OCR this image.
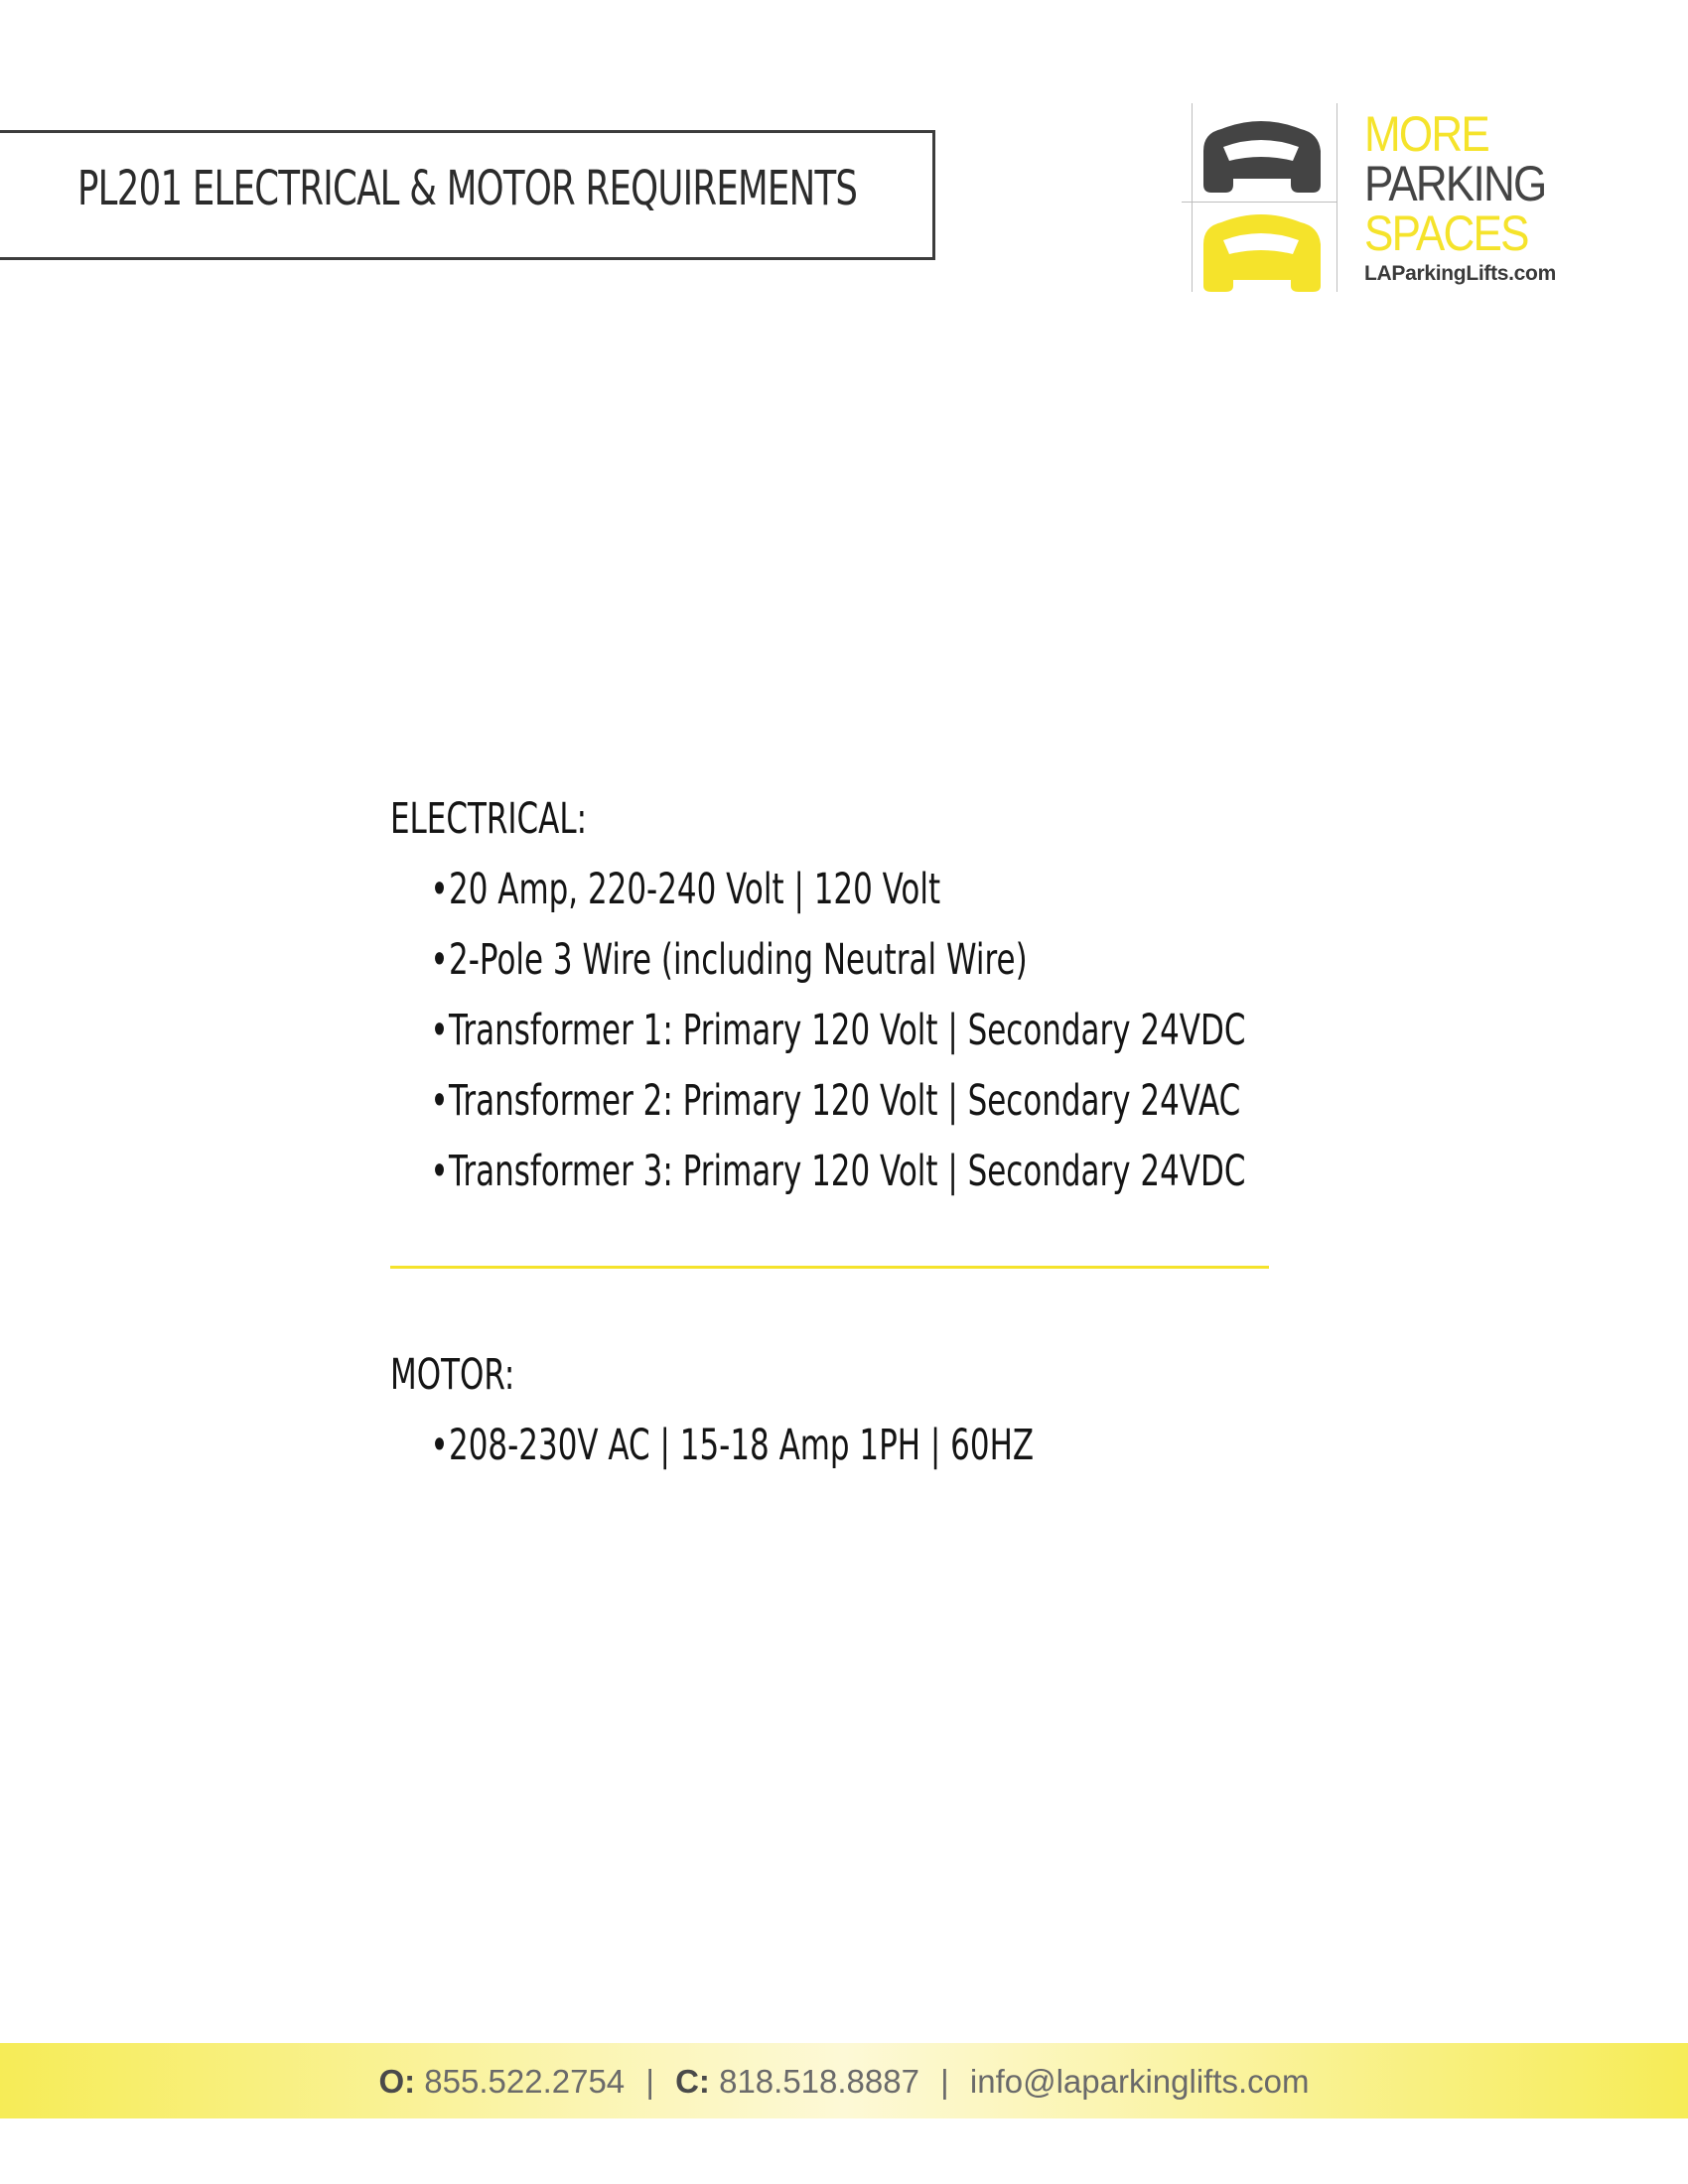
PL201 ELECTRICAL & MOTOR REQUIREMENTS
MORE
PARKING
SPACES
LAParkingLifts.com
ELECTRICAL:
•20 Amp, 220-240 Volt | 120 Volt
•2-Pole 3 Wire (including Neutral Wire)
•Transformer 1: Primary 120 Volt | Secondary 24VDC
•Transformer 2: Primary 120 Volt | Secondary 24VAC
•Transformer 3: Primary 120 Volt | Secondary 24VDC
MOTOR:
•208-230V AC | 15-18 Amp 1PH | 60HZ
O: 855.522.2754 | C: 818.518.8887 | info@laparkinglifts.com
